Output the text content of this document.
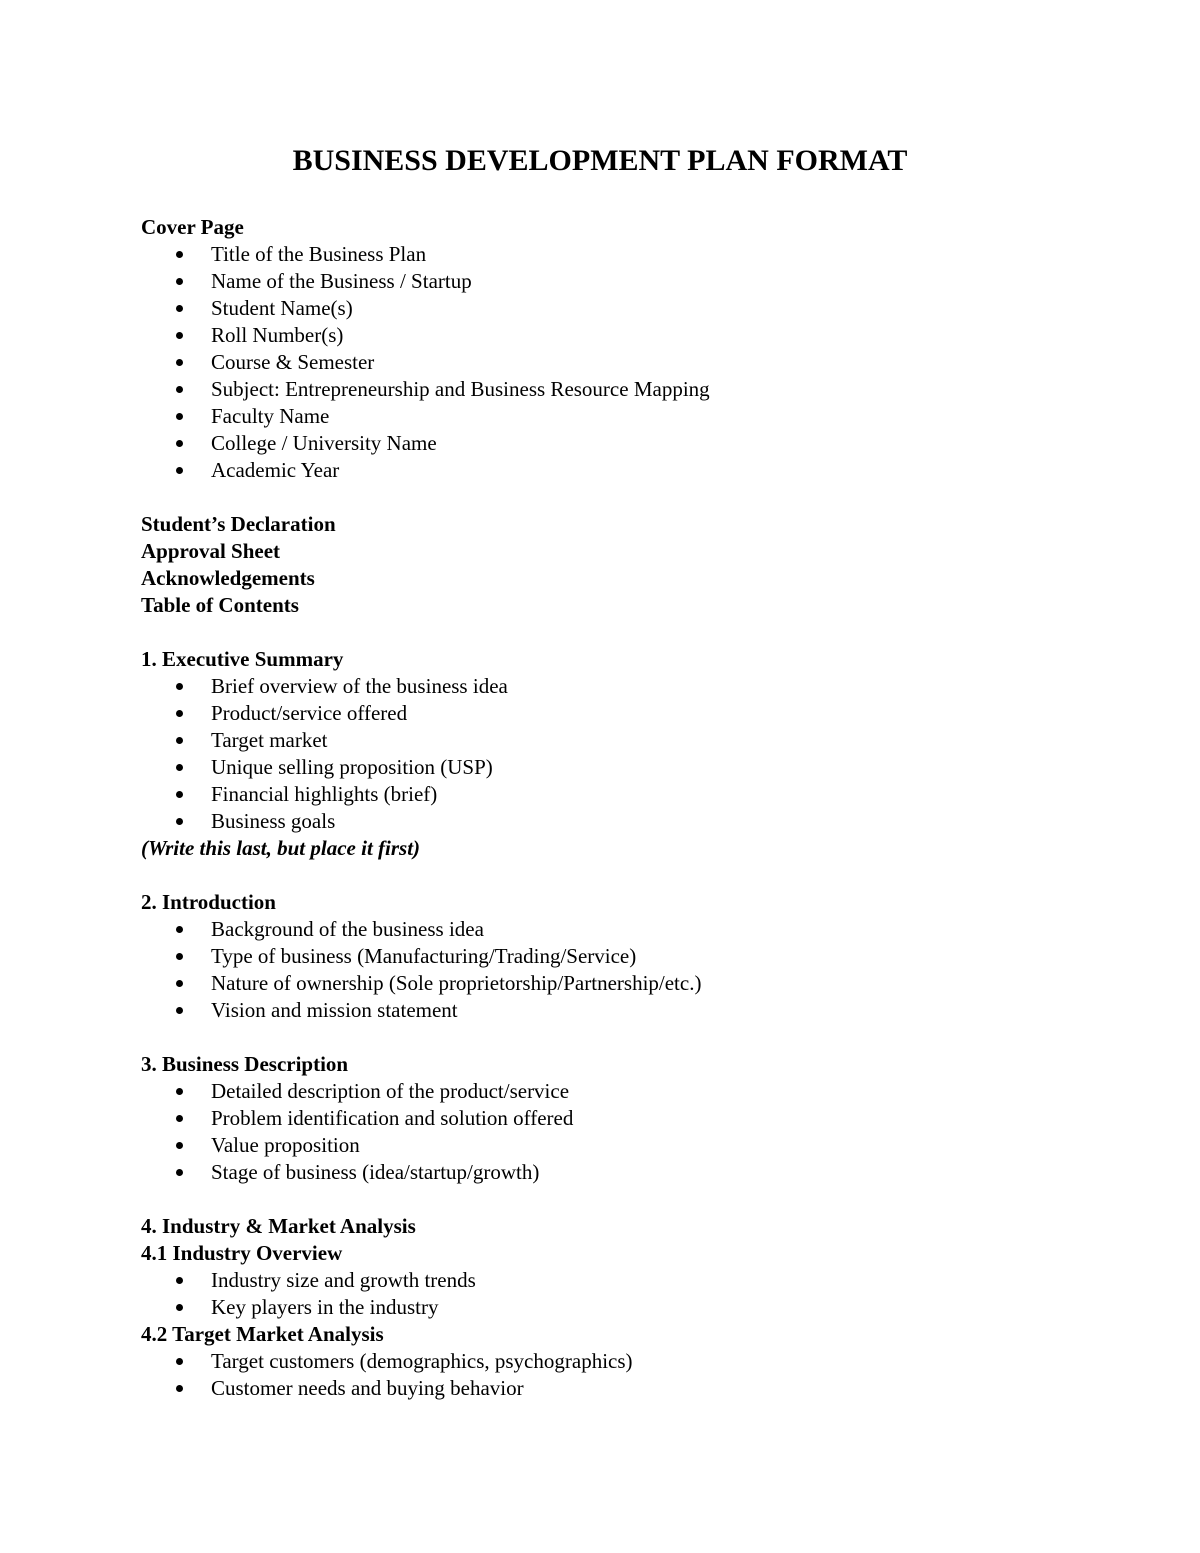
BUSINESS DEVELOPMENT PLAN FORMAT

Cover Page

Title of the Business Plan
Name of the Business / Startup
Student Name(s)
Roll Number(s)
Course & Semester
Subject: Entrepreneurship and Business Resource Mapping
Faculty Name
College / University Name
Academic Year

Student’s Declaration

Approval Sheet

Acknowledgements

Table of Contents

1. Executive Summary

Brief overview of the business idea
Product/service offered
Target market
Unique selling proposition (USP)
Financial highlights (brief)
Business goals

(Write this last, but place it first)

2. Introduction

Background of the business idea
Type of business (Manufacturing/Trading/Service)
Nature of ownership (Sole proprietorship/Partnership/etc.)
Vision and mission statement

3. Business Description

Detailed description of the product/service
Problem identification and solution offered
Value proposition
Stage of business (idea/startup/growth)

4. Industry & Market Analysis

4.1 Industry Overview

Industry size and growth trends
Key players in the industry

4.2 Target Market Analysis

Target customers (demographics, psychographics)
Customer needs and buying behavior
